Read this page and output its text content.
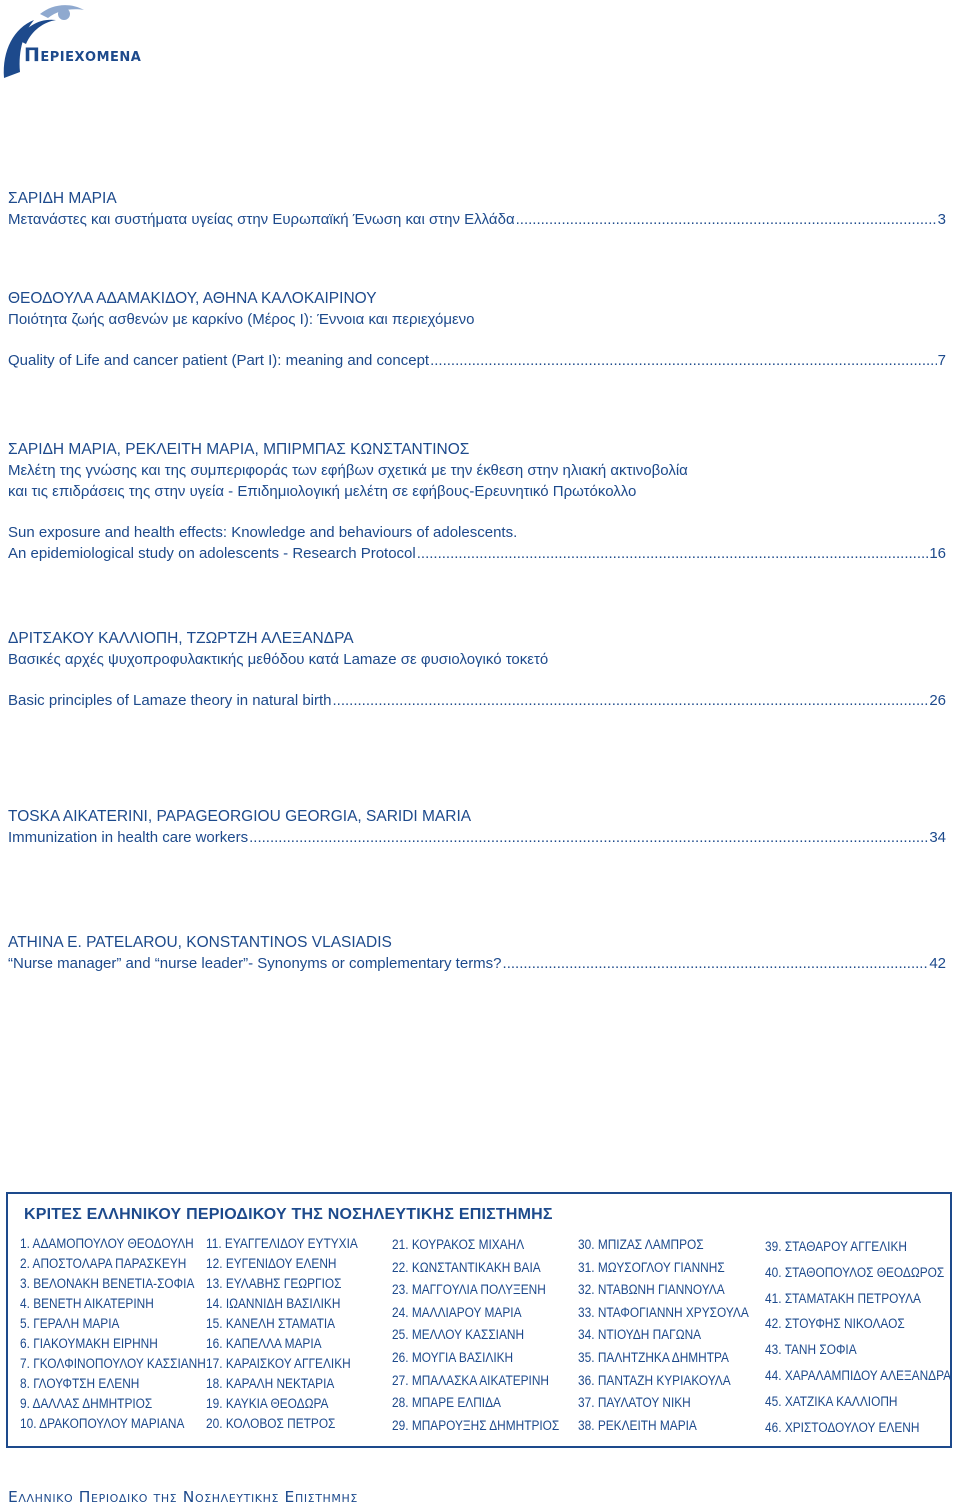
Περιεχομενα
ΣΑΡΙΔΗ ΜΑΡΙΑ
Μετανάστες και συστήματα υγείας στην Ευρωπαϊκή Ένωση και στην Ελλάδα .....	3
ΘΕΟΔΟΥΛΑ ΑΔΑΜΑΚΙΔΟΥ, ΑΘΗΝΑ ΚΑΛΟΚΑΙΡΙΝΟΥ
Ποιότητα ζωής ασθενών με καρκίνο (Μέρος Ι): Έννοια και περιεχόμενο
Quality of Life and cancer patient (Part I): meaning and concept .....	7
ΣΑΡΙΔΗ ΜΑΡΙΑ, ΡΕΚΛΕΙΤΗ ΜΑΡΙΑ, ΜΠΙΡΜΠΑΣ ΚΩΝΣΤΑΝΤΙΝΟΣ
Μελέτη της γνώσης και της συμπεριφοράς των εφήβων σχετικά με την έκθεση στην ηλιακή ακτινοβολία
και τις επιδράσεις της στην υγεία - Επιδημιολογική μελέτη σε εφήβους-Ερευνητικό Πρωτόκολλο
Sun exposure and health effects: Knowledge and behaviours of adolescents.
An epidemiological study on adolescents - Research Protocol .....	16
ΔΡΙΤΣΑΚΟΥ ΚΑΛΛΙΟΠΗ, ΤΖΩΡΤΖΗ ΑΛΕΞΑΝΔΡΑ
Βασικές αρχές ψυχοπροφυλακτικής μεθόδου κατά Lamaze σε φυσιολογικό τοκετό
Basic principles of Lamaze theory in natural birth .....	26
TOSKA AIKATERINI, PAPAGEORGIOU GEORGIA, SARIDI MARIA
Immunization in health care workers .....	34
ATHINA E. PATELAROU, KONSTANTINOS VLASIADIS
“Nurse manager” and “nurse leader”- Synonyms or complementary terms? .....	42
ΚΡΙΤΕΣ ΕΛΛΗΝΙΚΟΥ ΠΕΡΙΟΔΙΚΟΥ ΤΗΣ ΝΟΣΗΛΕΥΤΙΚΗΣ ΕΠΙΣΤΗΜΗΣ
1. ΑΔΑΜΟΠΟΥΛΟΥ ΘΕΟΔΟΥΛΗ
2. ΑΠΟΣΤΟΛΑΡΑ ΠΑΡΑΣΚΕΥΗ
3. ΒΕΛΟΝΑΚΗ ΒΕΝΕΤΙΑ-ΣΟΦΙΑ
4. ΒΕΝΕΤΗ ΑΙΚΑΤΕΡΙΝΗ
5. ΓΕΡΑΛΗ ΜΑΡΙΑ
6. ΓΙΑΚΟΥΜΑΚΗ ΕΙΡΗΝΗ
7. ΓΚΟΛΦΙΝΟΠΟΥΛΟΥ ΚΑΣΣΙΑΝΗ
8. ΓΛΟΥΦΤΣΗ ΕΛΕΝΗ
9. ΔΑΛΛΑΣ ΔΗΜΗΤΡΙΟΣ
10. ΔΡΑΚΟΠΟΥΛΟΥ ΜΑΡΙΑΝΑ
11. ΕΥΑΓΓΕΛΙΔΟΥ ΕΥΤΥΧΙΑ
12. ΕΥΓΕΝΙΔΟΥ ΕΛΕΝΗ
13. ΕΥΛΑΒΗΣ ΓΕΩΡΓΙΟΣ
14. ΙΩΑΝΝΙΔΗ ΒΑΣΙΛΙΚΗ
15. ΚΑΝΕΛΗ ΣΤΑΜΑΤΙΑ
16. ΚΑΠΕΛΛΑ ΜΑΡΙΑ
17. ΚΑΡΑΙΣΚΟΥ ΑΓΓΕΛΙΚΗ
18. ΚΑΡΑΛΗ ΝΕΚΤΑΡΙΑ
19. ΚΑΥΚΙΑ ΘΕΟΔΩΡΑ
20. ΚΟΛΟΒΟΣ ΠΕΤΡΟΣ
21. ΚΟΥΡΑΚΟΣ ΜΙΧΑΗΛ
22. ΚΩΝΣΤΑΝΤΙΚΑΚΗ ΒΑΙΑ
23. ΜΑΓΓΟΥΛΙΑ ΠΟΛΥΞΕΝΗ
24. ΜΑΛΛΙΑΡΟΥ ΜΑΡΙΑ
25. ΜΕΛΛΟΥ ΚΑΣΣΙΑΝΗ
26. ΜΟΥΓΙΑ ΒΑΣΙΛΙΚΗ
27. ΜΠΑΛΑΣΚΑ ΑΙΚΑΤΕΡΙΝΗ
28. ΜΠΑΡΕ ΕΛΠΙΔΑ
29. ΜΠΑΡΟΥΞΗΣ ΔΗΜΗΤΡΙΟΣ
30. ΜΠΙΖΑΣ ΛΑΜΠΡΟΣ
31. ΜΩΥΣΟΓΛΟΥ ΓΙΑΝΝΗΣ
32. ΝΤΑΒΩΝΗ ΓΙΑΝΝΟΥΛΑ
33. ΝΤΑΦΟΓΙΑΝΝΗ ΧΡΥΣΟΥΛΑ
34. ΝΤΙΟΥΔΗ ΠΑΓΩΝΑ
35. ΠΑΛΗΤΖΗΚΑ ΔΗΜΗΤΡΑ
36. ΠΑΝΤΑΖΗ ΚΥΡΙΑΚΟΥΛΑ
37. ΠΑΥΛΑΤΟΥ ΝΙΚΗ
38. ΡΕΚΛΕΙΤΗ ΜΑΡΙΑ
39. ΣΤΑΘΑΡΟΥ ΑΓΓΕΛΙΚΗ
40. ΣΤΑΘΟΠΟΥΛΟΣ ΘΕΟΔΩΡΟΣ
41. ΣΤΑΜΑΤΑΚΗ ΠΕΤΡΟΥΛΑ
42. ΣΤΟΥΦΗΣ ΝΙΚΟΛΑΟΣ
43. ΤΑΝΗ ΣΟΦΙΑ
44. ΧΑΡΑΛΑΜΠΙΔΟΥ ΑΛΕΞΑΝΔΡΑ
45. ΧΑΤΖΙΚΑ ΚΑΛΛΙΟΠΗ
46. ΧΡΙΣΤΟΔΟΥΛΟΥ ΕΛΕΝΗ
Ελληνικο Περιοδικο της Νοσηλευτικης Επιστημης
